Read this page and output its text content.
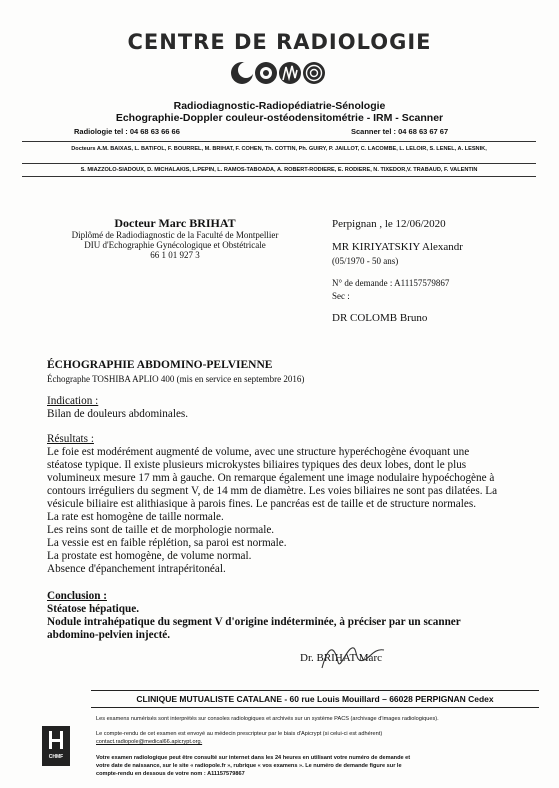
CENTRE DE RADIOLOGIE
Radiodiagnostic-Radiopédiatrie-Sénologie
Echographie-Doppler couleur-ostéodensitométrie - IRM - Scanner
Radiologie tel : 04 68 63 66 66	Scanner tel : 04 68 63 67 67
Docteurs A.M. BAIXAS, L. BATIFOL, F. BOURREL, M. BRIHAT, F. COHEN, Th. COTTIN, Ph. GUIRY, P. JAILLOT, C. LACOMBE, L. LELOIR, S. LENEL, A. LESNIK,
S. MIAZZOLO-SIADOUX, D. MICHALAKIS, L.PEPIN, L. RAMOS-TABOADA, A. ROBERT-RODIERE, E. RODIERE, N. TIXEDOR,V. TRABAUD, F. VALENTIN
Docteur Marc BRIHAT
Diplômé de Radiodiagnostic de la Faculté de Montpellier
DIU d'Echographie Gynécologique et Obstétricale
66 1 01 927 3
Perpignan , le 12/06/2020
MR KIRIYATSKIY Alexandr
(05/1970 - 50 ans)
N° de demande : A11157579867
Sec :
DR COLOMB Bruno
ÉCHOGRAPHIE ABDOMINO-PELVIENNE
Échographe TOSHIBA APLIO 400 (mis en service en septembre 2016)
Indication :
Bilan de douleurs abdominales.
Résultats :
Le foie est modérément augmenté de volume, avec une structure hyperéchogène évoquant une
stéatose typique. Il existe plusieurs microkystes biliaires typiques des deux lobes, dont le plus
volumineux mesure 17 mm à gauche. On remarque également une image nodulaire hypoéchogène à
contours irréguliers du segment V, de 14 mm de diamètre. Les voies biliaires ne sont pas dilatées. La
vésicule biliaire est alithiasique à parois fines. Le pancréas est de taille et de structure normales.
La rate est homogène de taille normale.
Les reins sont de taille et de morphologie normale.
La vessie est en faible réplétion, sa paroi est normale.
La prostate est homogène, de volume normal.
Absence d'épanchement intrapéritonéal.
Conclusion :
Stéatose hépatique.
Nodule intrahépatique du segment V d'origine indéterminée, à préciser par un scanner
abdomino-pelvien injecté.
Dr. BRIHAT Marc
CLINIQUE MUTUALISTE CATALANE - 60 rue Louis Mouillard – 66028 PERPIGNAN Cedex
CHMF
Les examens numérisés sont interprétés sur consoles radiologiques et archivés sur un système PACS (archivage d'images radiologiques).
Le compte-rendu de cet examen est envoyé au médecin prescripteur par le biais d'Apicrypt (si celui-ci est adhérent)
contact.radiopole@medical66.apicrypt.org.
Votre examen radiologique peut être consulté sur internet dans les 24 heures en utilisant votre numéro de demande et
votre date de naissance, sur le site « radiopole.fr », rubrique « vos examens ». Le numéro de demande figure sur le
compte-rendu en dessous de votre nom : A11157579867
